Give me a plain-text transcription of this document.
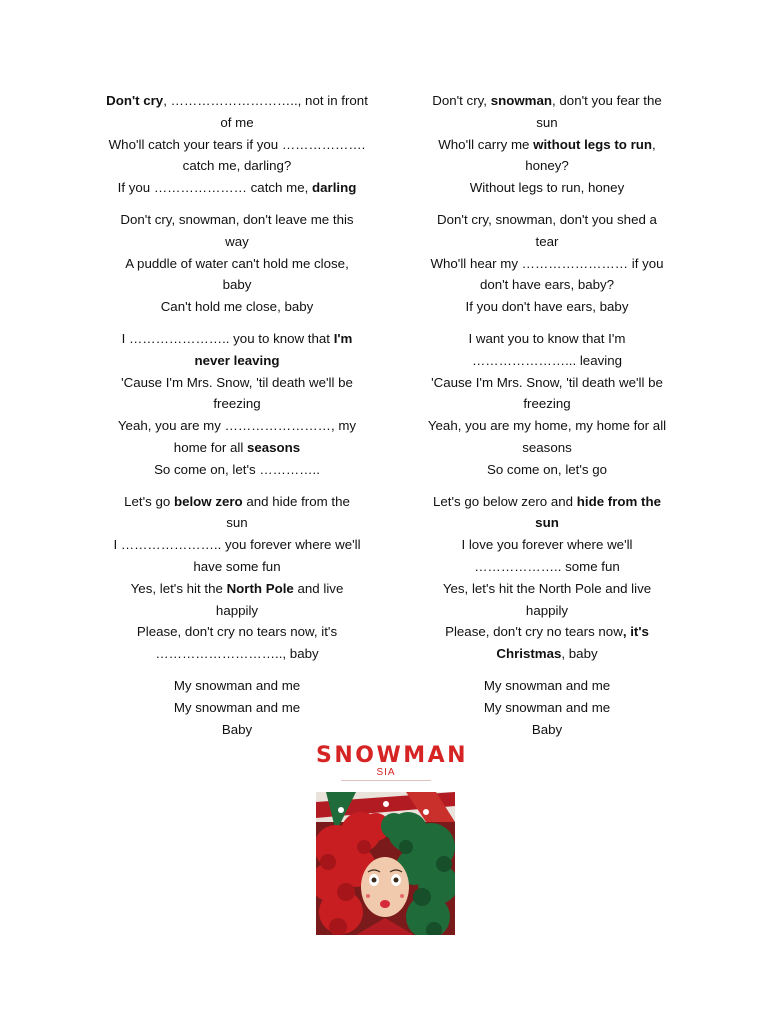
Don't cry, ……………………….., not in front
of me
Who'll catch your tears if you ……………….
catch me, darling?
If you ………………… catch me, darling
Don't cry, snowman, don't leave me this
way
A puddle of water can't hold me close,
baby
Can't hold me close, baby
I ………………….. you to know that I'm
never leaving
'Cause I'm Mrs. Snow, 'til death we'll be
freezing
Yeah, you are my ……………………, my
home for all seasons
So come on, let's …………..
Let's go below zero and hide from the
sun
I ………………….. you forever where we'll
have some fun
Yes, let's hit the North Pole and live
happily
Please, don't cry no tears now, it's
……………………….., baby
My snowman and me
My snowman and me
Baby
Don't cry, snowman, don't you fear the
sun
Who'll carry me without legs to run,
honey?
Without legs to run, honey
Don't cry, snowman, don't you shed a
tear
Who'll hear my …………………… if you
don't have ears, baby?
If you don't have ears, baby
I want you to know that I'm
…………………... leaving
'Cause I'm Mrs. Snow, 'til death we'll be
freezing
Yeah, you are my home, my home for all
seasons
So come on, let's go
Let's go below zero and hide from the
sun
I love you forever where we'll
……………….. some fun
Yes, let's hit the North Pole and live
happily
Please, don't cry no tears now, it's
Christmas, baby
My snowman and me
My snowman and me
Baby
SNOWMAN
SIA
